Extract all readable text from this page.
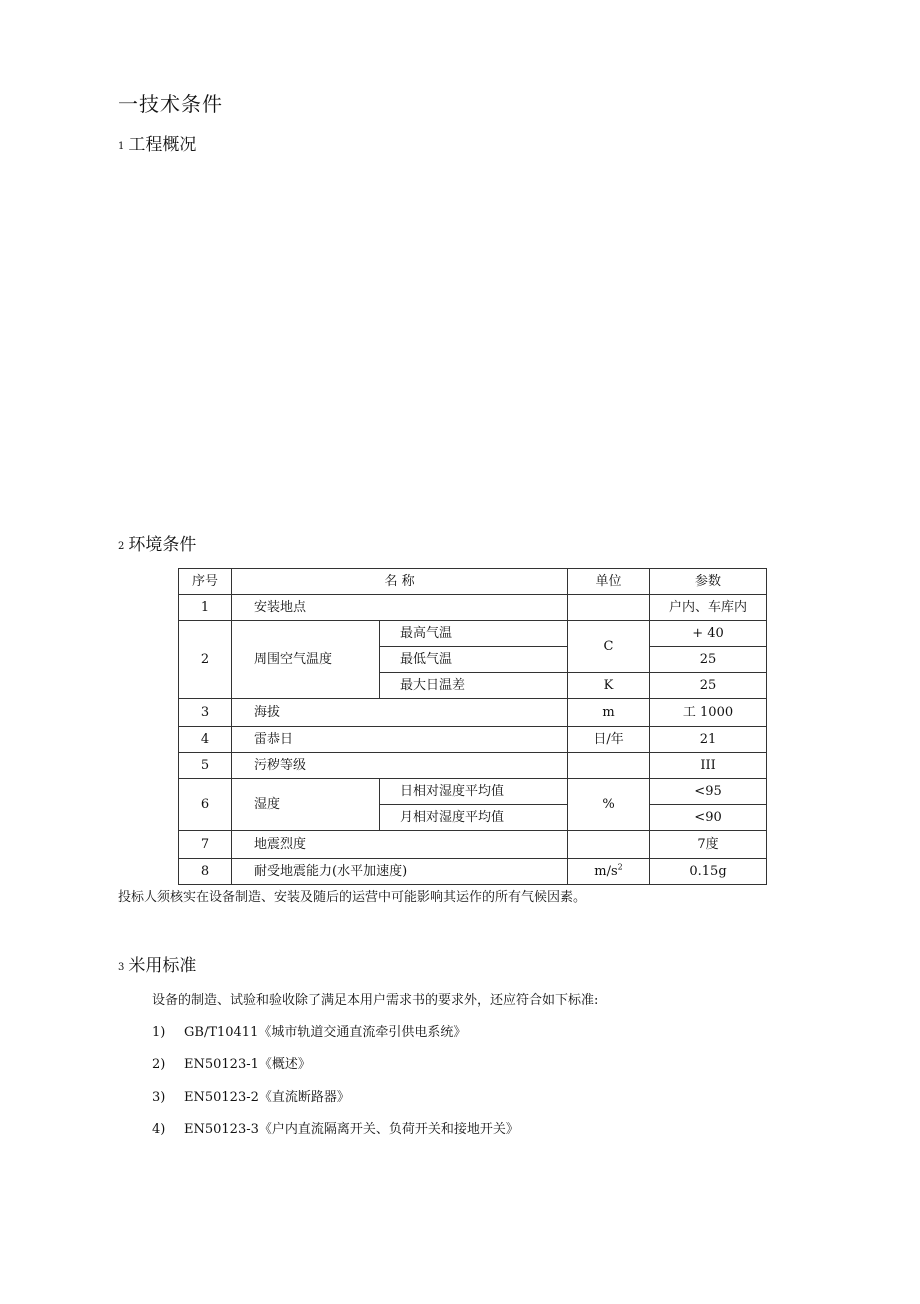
一技术条件
1 工程概况
2 环境条件
序号	名 称		单位	参数
1	安装地点			户内、车库内
2	周围空气温度	最高气温	C	+ 40
		最低气温		25
		最大日温差	K	25
3	海拔		m	工 1000
4	雷恭日		日/年	21
5	污秽等级			III
6	湿度	日相对湿度平均值	%	<95
		月相对湿度平均值		<90
7	地震烈度			7度
8	耐受地震能力(水平加速度)		$m/s^2$	0.15g

投标人须核实在设备制造、安装及随后的运营中可能影响其运作的所有气候因素。

3 米用标准

设备的制造、试验和验收除了满足本用户需求书的要求外，还应符合如下标准:

1) GB/T10411《城市轨道交通直流牵引供电系统》

2) EN50123-1《概述》

3) EN50123-2《直流断路器》

4) EN50123-3《户内直流隔离开关、负荷开关和接地开关》
